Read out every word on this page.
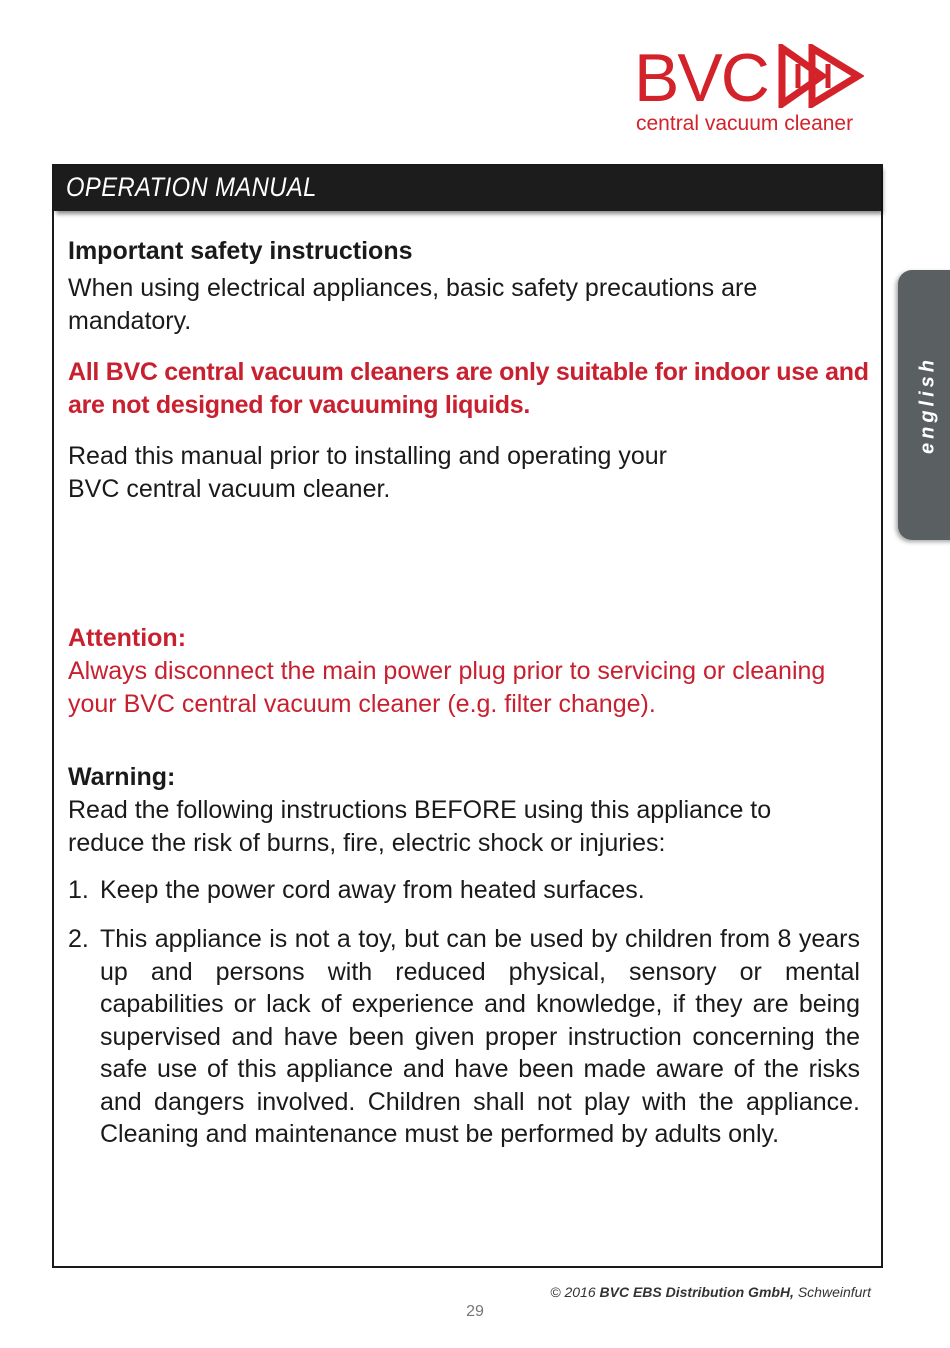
BVC
central vacuum cleaner
english
OPERATION MANUAL
Important safety instructions

When using electrical appliances, basic safety precautions are mandatory.

All BVC central vacuum cleaners are only suitable for indoor use and are not designed for vacuuming liquids.

Read this manual prior to installing and operating your

BVC central vacuum cleaner.

Attention:

Always disconnect the main power plug prior to servicing or cleaning your BVC central vacuum cleaner (e.g. filter change).

Warning:

Read the following instructions BEFORE using this appliance to reduce the risk of burns, fire, electric shock or injuries:

1. Keep the power cord away from heated surfaces.
2. This appliance is not a toy, but can be used by children from 8 years up and persons with reduced physical, sensory or mental capabilities or lack of experience and knowledge, if they are being supervised and have been given proper instruction concerning the safe use of this appliance and have been made aware of the risks and dangers involved. Children shall not play with the appliance. Cleaning and maintenance must be performed by adults only.
© 2016 BVC EBS Distribution GmbH, Schweinfurt
29
